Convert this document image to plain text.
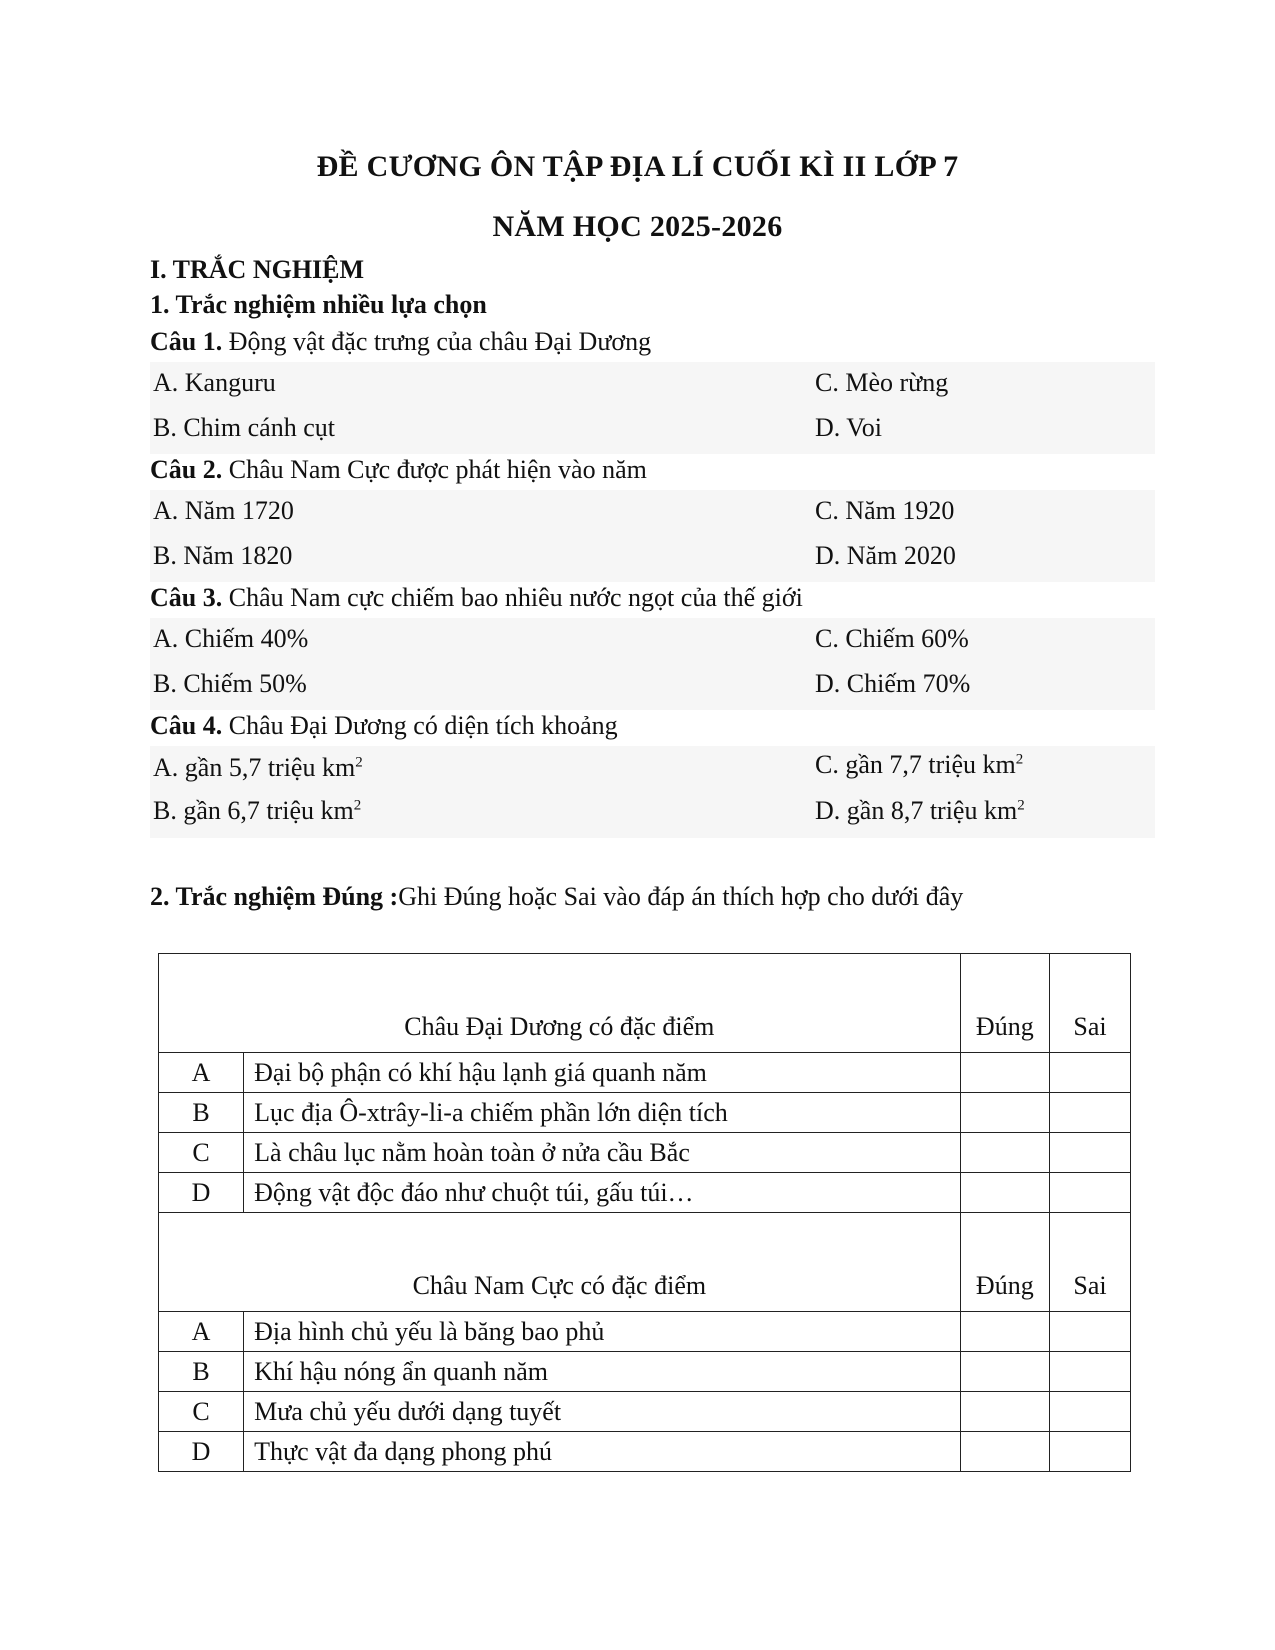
ĐỀ CƯƠNG ÔN TẬP ĐỊA LÍ CUỐI KÌ II LỚP 7
NĂM HỌC 2025-2026
I. TRẮC NGHIỆM
1. Trắc nghiệm nhiều lựa chọn
Câu 1. Động vật đặc trưng của châu Đại Dương
A. Kanguru	C. Mèo rừng
B. Chim cánh cụt	D. Voi
Câu 2. Châu Nam Cực được phát hiện vào năm
A. Năm 1720	C. Năm 1920
B. Năm 1820	D. Năm 2020
Câu 3. Châu Nam cực chiếm bao nhiêu nước ngọt của thế giới
A. Chiếm 40%	C. Chiếm 60%
B. Chiếm 50%	D. Chiếm 70%
Câu 4. Châu Đại Dương có diện tích khoảng
A. gần 5,7 triệu $km^2$	C. gần 7,7 triệu $km^2$
B. gần 6,7 triệu $km^2$	D. gần 8,7 triệu $km^2$
2. Trắc nghiệm Đúng :Ghi Đúng hoặc Sai vào đáp án thích hợp cho dưới đây
Châu Đại Dương có đặc điểm		Đúng	Sai
A	Đại bộ phận có khí hậu lạnh giá quanh năm		
B	Lục địa Ô-xtrây-li-a chiếm phần lớn diện tích		
C	Là châu lục nằm hoàn toàn ở nửa cầu Bắc		
D	Động vật độc đáo như chuột túi, gấu túi…		
Châu Nam Cực có đặc điểm		Đúng	Sai
A	Địa hình chủ yếu là băng bao phủ		
B	Khí hậu nóng ẩn quanh năm		
C	Mưa chủ yếu dưới dạng tuyết		
D	Thực vật đa dạng phong phú		
